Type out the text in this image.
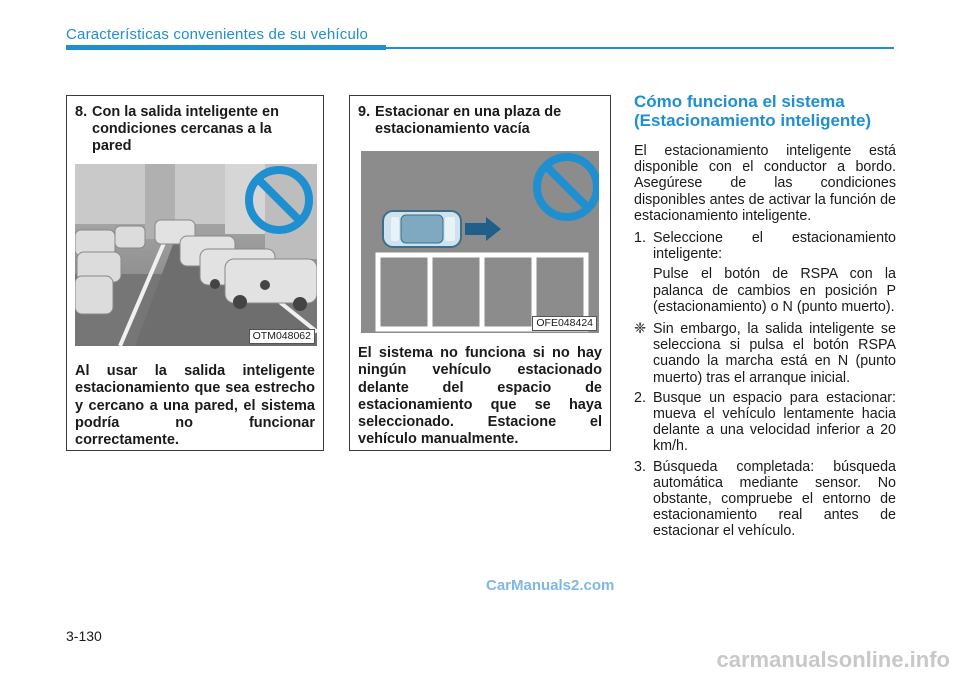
Características convenientes de su vehículo
8. Con la salida inteligente en
condiciones cercanas a la pared
OTM048062
Al usar la salida inteligente estacionamiento que sea estrecho y cercano a una pared, el sistema podría no funcionar correctamente.
9. Estacionar en una plaza de
estacionamiento vacía
OFE048424
El sistema no funciona si no hay ningún vehículo estacionado delante del espacio de estacionamiento que se haya seleccionado. Estacione el vehículo manualmente.
Cómo funciona el sistema (Estacionamiento inteligente)

El estacionamiento inteligente está disponible con el conductor a bordo. Asegúrese de las condiciones disponibles antes de activar la función de estacionamiento inteligente.

1. Seleccione el estacionamiento inteligente:
Pulse el botón de RSPA con la palanca de cambios en posición P (estacionamiento) o N (punto muerto).
❈ Sin embargo, la salida inteligente se selecciona si pulsa el botón RSPA cuando la marcha está en N (punto muerto) tras el arranque inicial.
2. Busque un espacio para estacionar: mueva el vehículo lentamente hacia delante a una velocidad inferior a 20 km/h.
3. Búsqueda completada: búsqueda automática mediante sensor. No obstante, compruebe el entorno de estacionamiento real antes de estacionar el vehículo.
CarManuals2.com
3-130
carmanualsonline.info
